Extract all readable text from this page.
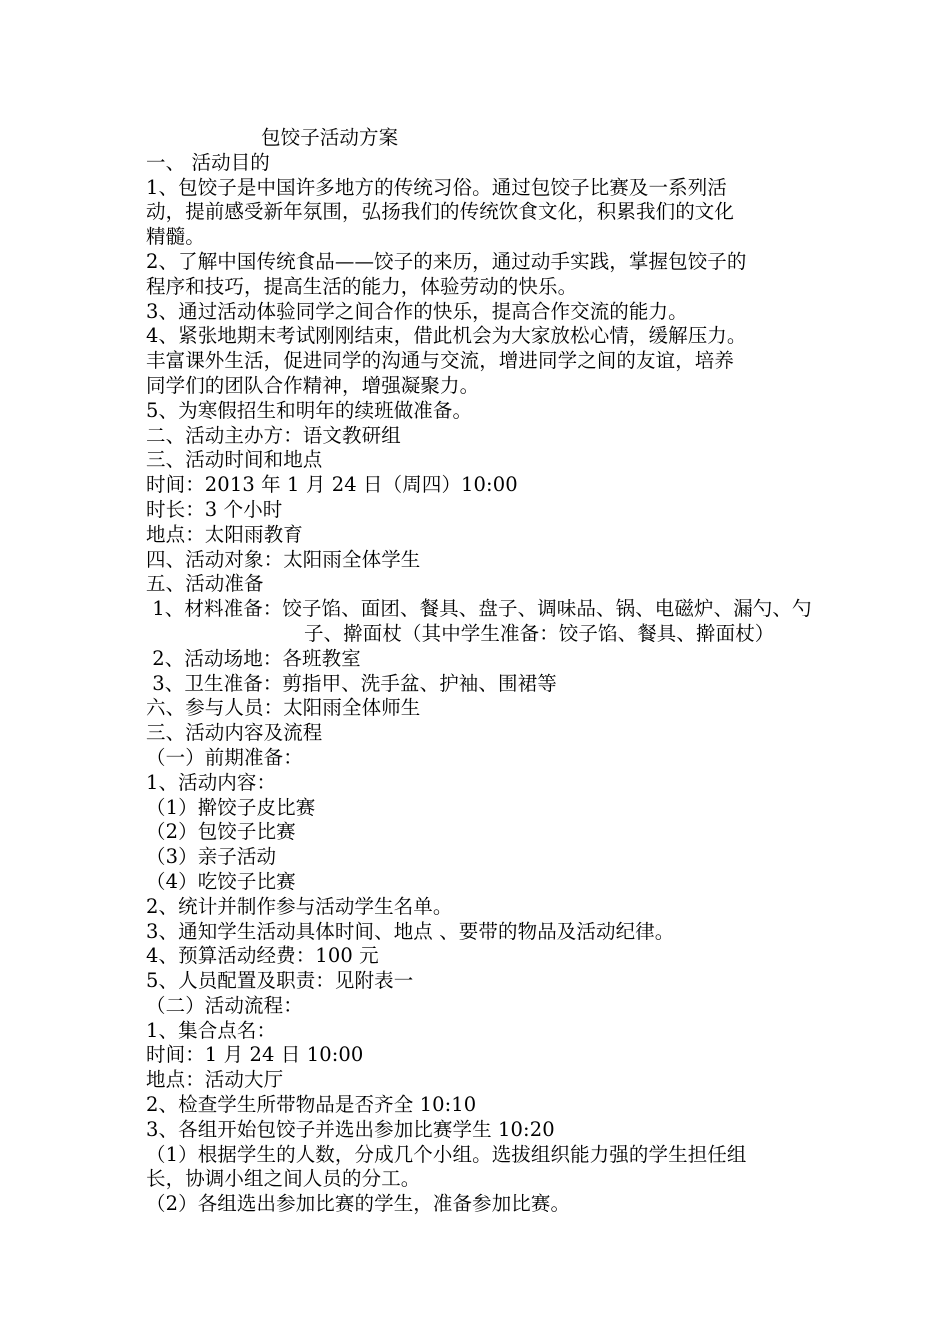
包饺子活动方案
一、 活动目的
1、包饺子是中国许多地方的传统习俗。通过包饺子比赛及一系列活
动，提前感受新年氛围，弘扬我们的传统饮食文化，积累我们的文化
精髓。
2、了解中国传统食品——饺子的来历，通过动手实践，掌握包饺子的
程序和技巧，提高生活的能力，体验劳动的快乐。
3、通过活动体验同学之间合作的快乐，提高合作交流的能力。
4、紧张地期末考试刚刚结束，借此机会为大家放松心情，缓解压力。
丰富课外生活，促进同学的沟通与交流，增进同学之间的友谊，培养
同学们的团队合作精神，增强凝聚力。
5、为寒假招生和明年的续班做准备。
二、活动主办方：语文教研组
三、活动时间和地点
时间：2013 年 1 月 24 日（周四）10:00
时长：3 个小时
地点：太阳雨教育
四、活动对象：太阳雨全体学生
五、活动准备
1、材料准备：饺子馅、面团、餐具、盘子、调味品、锅、电磁炉、漏勺、勺
子、擀面杖（其中学生准备：饺子馅、餐具、擀面杖）
2、活动场地：各班教室
3、卫生准备：剪指甲、洗手盆、护袖、围裙等
六、参与人员：太阳雨全体师生
三、活动内容及流程
（一）前期准备：
1、活动内容：
（1）擀饺子皮比赛
（2）包饺子比赛
（3）亲子活动
（4）吃饺子比赛
2、统计并制作参与活动学生名单。
3、通知学生活动具体时间、地点 、要带的物品及活动纪律。
4、预算活动经费：100 元
5、人员配置及职责：见附表一
（二）活动流程：
1、集合点名：
时间：1 月 24 日 10:00
地点：活动大厅
2、检查学生所带物品是否齐全 10:10
3、各组开始包饺子并选出参加比赛学生 10:20
（1）根据学生的人数，分成几个小组。选拔组织能力强的学生担任组
长，协调小组之间人员的分工。
（2）各组选出参加比赛的学生，准备参加比赛。
